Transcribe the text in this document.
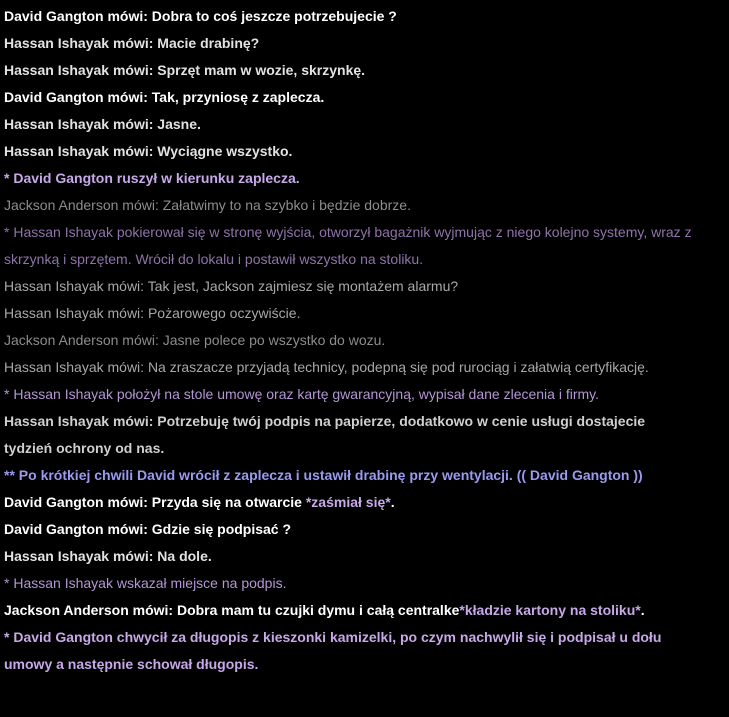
David Gangton mówi: Dobra to coś jeszcze potrzebujecie ?
Hassan Ishayak mówi: Macie drabinę?
Hassan Ishayak mówi: Sprzęt mam w wozie, skrzynkę.
David Gangton mówi: Tak, przyniosę z zaplecza.
Hassan Ishayak mówi: Jasne.
Hassan Ishayak mówi: Wyciągne wszystko.
* David Gangton ruszył w kierunku zaplecza.
Jackson Anderson mówi: Załatwimy to na szybko i będzie dobrze.
* Hassan Ishayak pokierował się w stronę wyjścia, otworzył bagażnik wyjmując z niego kolejno systemy, wraz z skrzynką i sprzętem. Wrócił do lokalu i postawił wszystko na stoliku.
Hassan Ishayak mówi: Tak jest, Jackson zajmiesz się montażem alarmu?
Hassan Ishayak mówi: Pożarowego oczywiście.
Jackson Anderson mówi: Jasne polece po wszystko do wozu.
Hassan Ishayak mówi: Na zraszacze przyjadą technicy, podepną się pod rurociąg i załatwią certyfikację.
* Hassan Ishayak położył na stole umowę oraz kartę gwarancyjną, wypisał dane zlecenia i firmy.
Hassan Ishayak mówi: Potrzebuję twój podpis na papierze, dodatkowo w cenie usługi dostajecie tydzień ochrony od nas.
** Po krótkiej chwili David wrócił z zaplecza i ustawił drabinę przy wentylacji. (( David Gangton ))
David Gangton mówi: Przyda się na otwarcie *zaśmiał się*.
David Gangton mówi: Gdzie się podpisać ?
Hassan Ishayak mówi: Na dole.
* Hassan Ishayak wskazał miejsce na podpis.
Jackson Anderson mówi: Dobra mam tu czujki dymu i całą centralke*kładzie kartony na stoliku*.
* David Gangton chwycił za długopis z kieszonki kamizelki, po czym nachwylił się i podpisał u dołu umowy a następnie schował długopis.
